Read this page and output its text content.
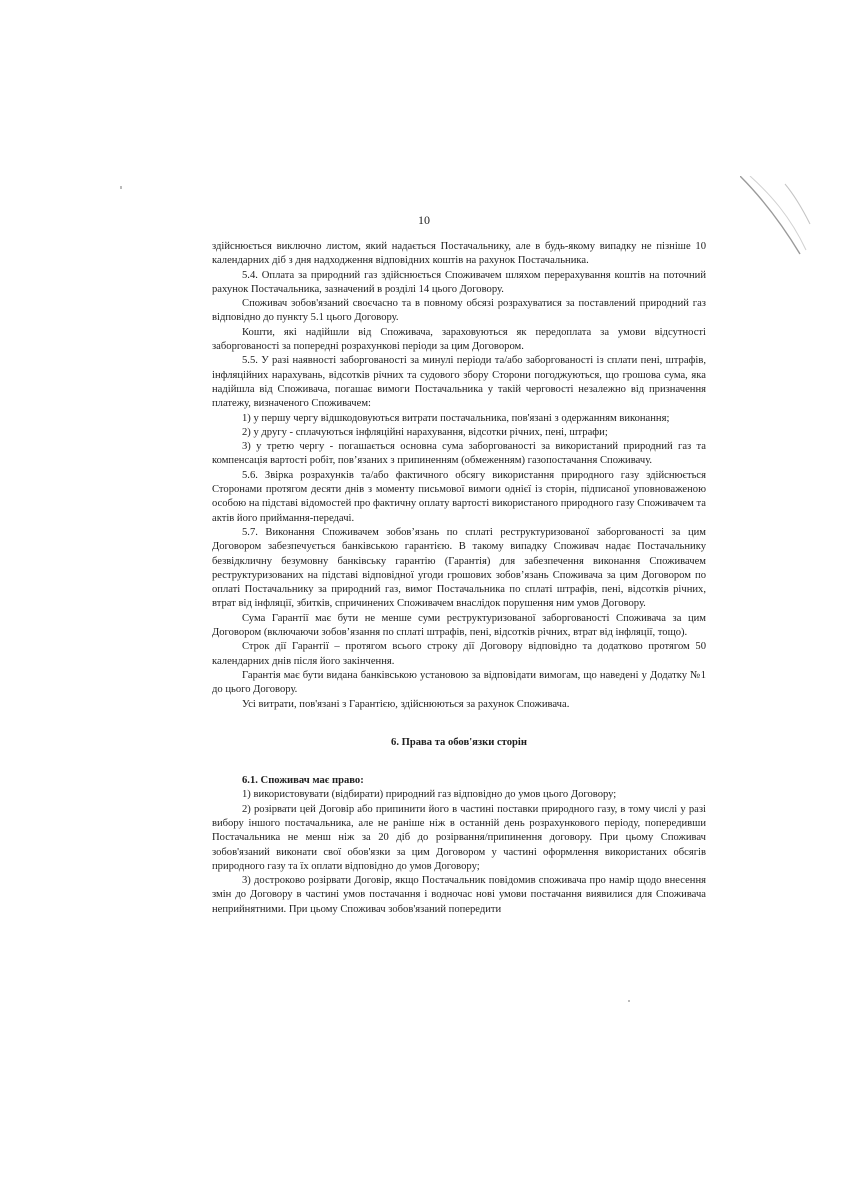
10

здійснюється виключно листом, який надається Постачальнику, але в будь-якому випадку не пізніше 10 календарних діб з дня надходження відповідних коштів на рахунок Постачальника.

5.4. Оплата за природний газ здійснюється Споживачем шляхом перерахування коштів на поточний рахунок Постачальника, зазначений в розділі 14 цього Договору.

Споживач зобов'язаний своєчасно та в повному обсязі розрахуватися за поставлений природний газ відповідно до пункту 5.1 цього Договору.

Кошти, які надійшли від Споживача, зараховуються як передоплата за умови відсутності заборгованості за попередні розрахункові періоди за цим Договором.

5.5. У разі наявності заборгованості за минулі періоди та/або заборгованості із сплати пені, штрафів, інфляційних нарахувань, відсотків річних та судового збору Сторони погоджуються, що грошова сума, яка надійшла від Споживача, погашає вимоги Постачальника у такій черговості незалежно від призначення платежу, визначеного Споживачем:

1) у першу чергу відшкодовуються витрати постачальника, пов'язані з одержанням виконання;

2) у другу - сплачуються інфляційні нарахування, відсотки річних, пені, штрафи;

3) у третю чергу - погашається основна сума заборгованості за використаний природний газ та компенсація вартості робіт, пов’язаних з припиненням (обмеженням) газопостачання Споживачу.

5.6. Звірка розрахунків та/або фактичного обсягу використання природного газу здійснюється Сторонами протягом десяти днів з моменту письмової вимоги однієї із сторін, підписаної уповноваженою особою на підставі відомостей про фактичну оплату вартості використаного природного газу Споживачем та актів його приймання-передачі.

5.7. Виконання Споживачем зобов’язань по сплаті реструктуризованої заборгованості за цим Договором забезпечується банківською гарантією. В такому випадку Споживач надає Постачальнику безвідкличну безумовну банківську гарантію (Гарантія) для забезпечення виконання Споживачем реструктуризованих на підставі відповідної угоди грошових зобов’язань Споживача за цим Договором по оплаті Постачальнику за природний газ, вимог Постачальника по сплаті штрафів, пені, відсотків річних, втрат від інфляції, збитків, спричинених Споживачем внаслідок порушення ним умов Договору.

Сума Гарантії має бути не менше суми реструктуризованої заборгованості Споживача за цим Договором (включаючи зобов’язання по сплаті штрафів, пені, відсотків річних, втрат від інфляції, тощо).

Строк дії Гарантії – протягом всього строку дії Договору відповідно та додатково протягом 50 календарних днів після його закінчення.

Гарантія має бути видана банківською установою за відповідати вимогам, що наведені у Додатку №1 до цього Договору.

Усі витрати, пов'язані з Гарантією, здійснюються за рахунок Споживача.

6. Права та обов'язки сторін

6.1. Споживач має право:

1) використовувати (відбирати) природний газ відповідно до умов цього Договору;

2) розірвати цей Договір або припинити його в частині поставки природного газу, в тому числі у разі вибору іншого постачальника, але не раніше ніж в останній день розрахункового періоду, попередивши Постачальника не менш ніж за 20 діб до розірвання/припинення договору. При цьому Споживач зобов'язаний виконати свої обов'язки за цим Договором у частині оформлення використаних обсягів природного газу та їх оплати відповідно до умов Договору;

3) достроково розірвати Договір, якщо Постачальник повідомив споживача про намір щодо внесення змін до Договору в частині умов постачання і водночас нові умови постачання виявилися для Споживача неприйнятними. При цьому Споживач зобов'язаний попередити
